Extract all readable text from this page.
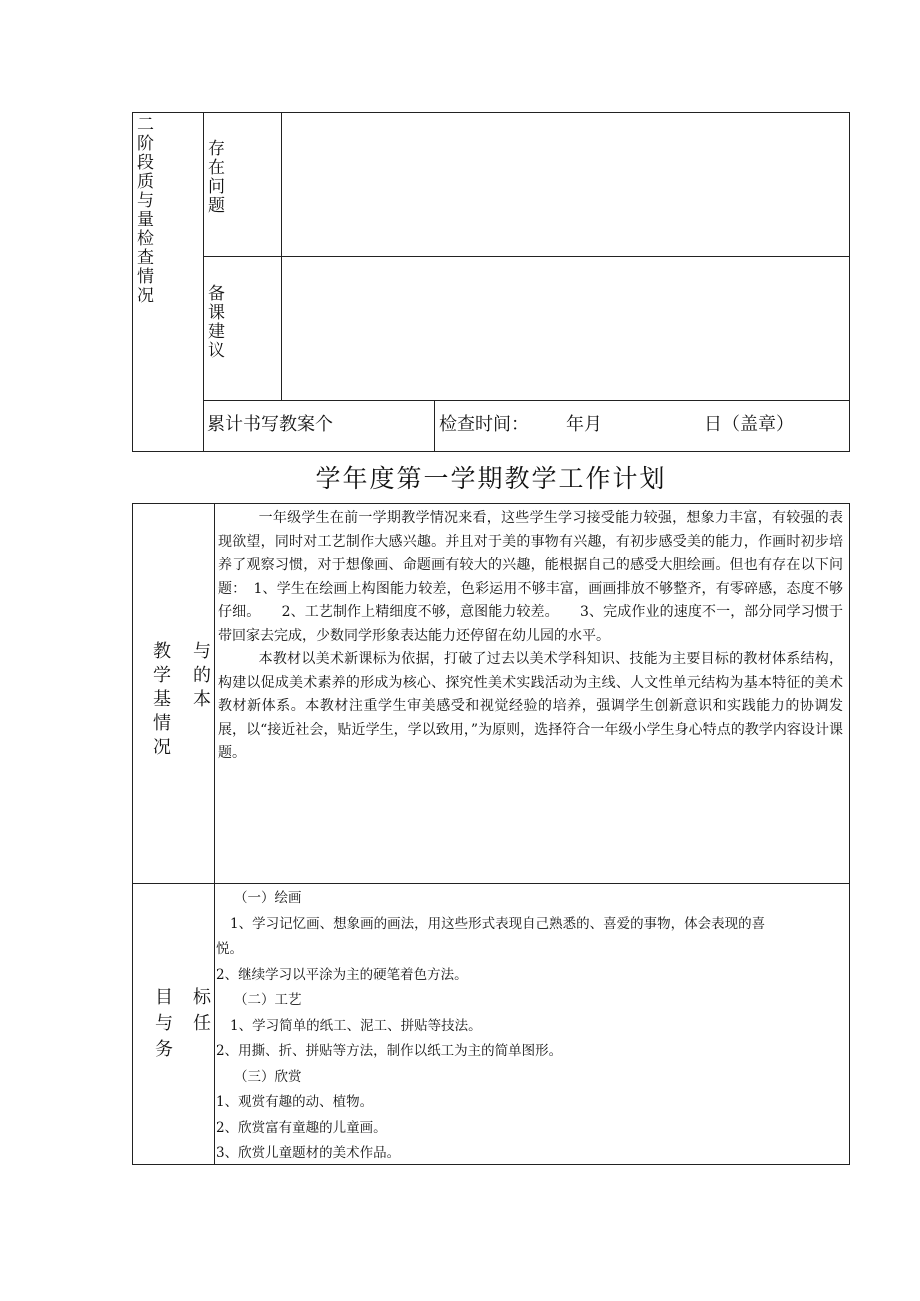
二阶段质与量检查情况
存在问题
备课建议
累计书写教案个	检查时间： 年月	日（盖章）
学年度第一学期教学工作计划
教学基情况
与的本

一年级学生在前一学期教学情况来看，这些学生学习接受能力较强，想象力丰富，有较强的表现欲望，同时对工艺制作大感兴趣。并且对于美的事物有兴趣，有初步感受美的能力，作画时初步培养了观察习惯，对于想像画、命题画有较大的兴趣，能根据自己的感受大胆绘画。但也有存在以下问题：　1、学生在绘画上构图能力较差，色彩运用不够丰富，画画排放不够整齐，有零碎感，态度不够仔细。　　2、工艺制作上精细度不够，意图能力较差。　　3、完成作业的速度不一，部分同学习惯于带回家去完成，少数同学形象表达能力还停留在幼儿园的水平。

本教材以美术新课标为依据，打破了过去以美术学科知识、技能为主要目标的教材体系结构，构建以促成美术素养的形成为核心、探究性美术实践活动为主线、人文性单元结构为基本特征的美术教材新体系。本教材注重学生审美感受和视觉经验的培养，强调学生创新意识和实践能力的协调发展，以“接近社会，贴近学生，学以致用，”为原则，选择符合一年级小学生身心特点的教学内容设计课题。

目与务
标任
（一）绘画
1、学习记忆画、想象画的画法，用这些形式表现自己熟悉的、喜爱的事物，体会表现的喜
悦。
2、继续学习以平涂为主的硬笔着色方法。
（二）工艺
1、学习简单的纸工、泥工、拼贴等技法。
2、用撕、折、拼贴等方法，制作以纸工为主的简单图形。
（三）欣赏
1、观赏有趣的动、植物。
2、欣赏富有童趣的儿童画。
3、欣赏儿童题材的美术作品。
